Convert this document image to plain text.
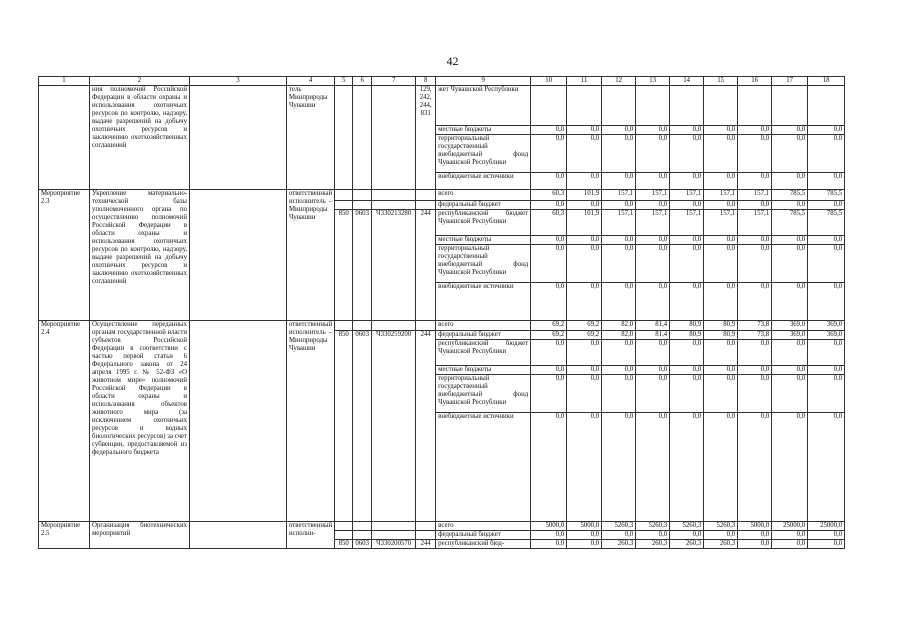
42
1	2	3	4	5	6	7	8	9	10	11	12	13	14	15	16	17	18
	ния полномочий Российской Федерации в области охраны и использования охотничьих ресурсов по контролю, надзору, выдаче разрешений на добычу охотничьих ресурсов и заключению охотхозяйственных соглашений		тель Минприроды Чувашии				129, 242, 244, 831	жет Чувашской Республики									
								местные бюджеты	0,0	0,0	0,0	0,0	0,0	0,0	0,0	0,0	0,0
								территориальный государственный внебюджетный фонд Чувашской Республики	0,0	0,0	0,0	0,0	0,0	0,0	0,0	0,0	0,0
								внебюджетные источники	0,0	0,0	0,0	0,0	0,0	0,0	0,0	0,0	0,0
Мероприятие 2.3	Укрепление материально-технической базы уполномоченного органа по осуществлению полномочий Российской Федерации в области охраны и использования охотничьих ресурсов по контролю, надзору, выдаче разрешений на добычу охотничьих ресурсов и заключению охотхозяйственных соглашений		ответственный исполнитель – Минприроды Чувашии					всего	60,3	101,9	157,1	157,1	157,1	157,1	157,1	785,5	785,5
								федеральный бюджет	0,0	0,0	0,0	0,0	0,0	0,0	0,0	0,0	0,0
				850	0603	Ч330213280	244	республиканский бюджет Чувашской Республики	60,3	101,9	157,1	157,1	157,1	157,1	157,1	785,5	785,5
								местные бюджеты	0,0	0,0	0,0	0,0	0,0	0,0	0,0	0,0	0,0
								территориальный государственный внебюджетный фонд Чувашской Республики	0,0	0,0	0,0	0,0	0,0	0,0	0,0	0,0	0,0
								внебюджетные источники	0,0	0,0	0,0	0,0	0,0	0,0	0,0	0,0	0,0
Мероприятие 2.4	Осуществление переданных органам государственной власти субъектов Российской Федерации в соответствии с частью первой статьи 6 Федерального закона от 24 апреля 1995 г. № 52-ФЗ «О животном мире» полномочий Российской Федерации в области охраны и использования объектов животного мира (за исключением охотничьих ресурсов и водных биологических ресурсов) за счет субвенции, предоставляемой из федерального бюджета		ответственный исполнитель – Минприроды Чувашии					всего	69,2	69,2	82,0	81,4	80,9	80,9	73,8	369,0	369,0
				850	0603	Ч330259200	244	федеральный бюджет	69,2	69,2	82,0	81,4	80,9	80,9	73,8	369,0	369,0
								республиканский бюджет Чувашской Республики	0,0	0,0	0,0	0,0	0,0	0,0	0,0	0,0	0,0
								местные бюджеты	0,0	0,0	0,0	0,0	0,0	0,0	0,0	0,0	0,0
								территориальный государственный внебюджетный фонд Чувашской Республики	0,0	0,0	0,0	0,0	0,0	0,0	0,0	0,0	0,0
								внебюджетные источники	0,0	0,0	0,0	0,0	0,0	0,0	0,0	0,0	0,0
Мероприятие 2.5	Организация биотехнических мероприятий		ответственный исполни-					всего	5000,0	5000,0	5260,3	5260,3	5260,3	5260,3	5000,0	25000,0	25000,0
								федеральный бюджет	0,0	0,0	0,0	0,0	0,0	0,0	0,0	0,0	0,0
				850	0603	Ч330200570	244	республиканский бюд-	0,0	0,0	260,3	260,3	260,3	260,3	0,0	0,0	0,0
